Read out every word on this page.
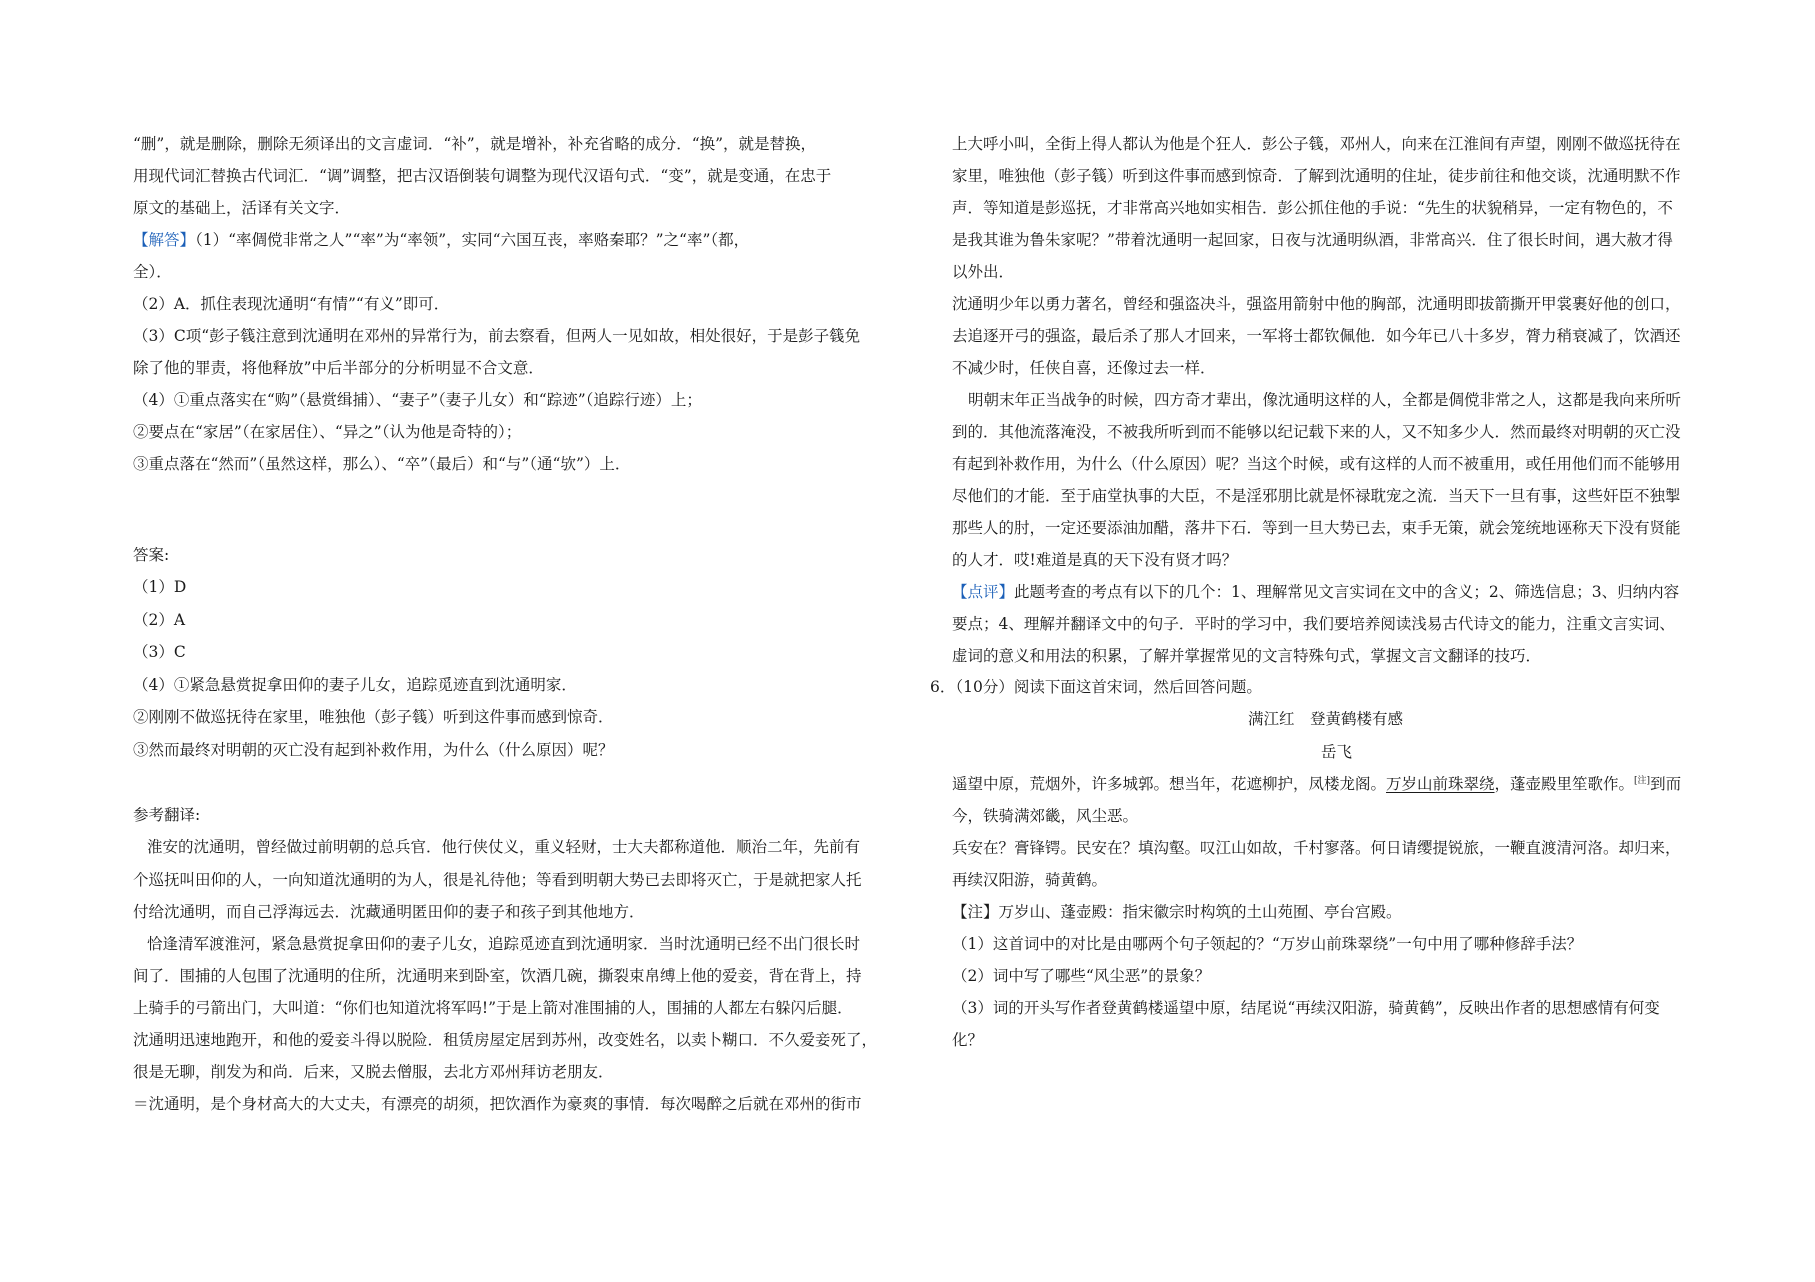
“删”，就是删除，删除无须译出的文言虚词．“补”，就是增补，补充省略的成分．“换”，就是替换，
用现代词汇替换古代词汇．“调”调整，把古汉语倒装句调整为现代汉语句式．“变”，就是变通，在忠于
原文的基础上，活译有关文字．
【解答】（1）“率倜傥非常之人”“率”为“率领”，实同“六国互丧，率赂秦耶？”之“率”（都，
全）．
（2）A．抓住表现沈通明“有情”“有义”即可．
（3）C项“彭子篯注意到沈通明在邓州的异常行为，前去察看，但两人一见如故，相处很好，于是彭子篯免
除了他的罪责，将他释放”中后半部分的分析明显不合文意．
（4）①重点落实在“购”（悬赏缉捕）、“妻子”（妻子儿女）和“踪迹”（追踪行迹）上；
②要点在“家居”（在家居住）、“异之”（认为他是奇特的）；
③重点落在“然而”（虽然这样，那么）、“卒”（最后）和“与”（通“欤”）上．
答案:
（1）D
（2）A
（3）C
（4）①紧急悬赏捉拿田仰的妻子儿女，追踪觅迹直到沈通明家．
②刚刚不做巡抚待在家里，唯独他（彭子篯）听到这件事而感到惊奇．
③然而最终对明朝的灭亡没有起到补救作用，为什么（什么原因）呢？
参考翻译:
淮安的沈通明，曾经做过前明朝的总兵官．他行侠仗义，重义轻财，士大夫都称道他．顺治二年，先前有
个巡抚叫田仰的人，一向知道沈通明的为人，很是礼待他；等看到明朝大势已去即将灭亡，于是就把家人托
付给沈通明，而自己浮海远去．沈藏通明匿田仰的妻子和孩子到其他地方．
恰逢清军渡淮河，紧急悬赏捉拿田仰的妻子儿女，追踪觅迹直到沈通明家．当时沈通明已经不出门很长时
间了．围捕的人包围了沈通明的住所，沈通明来到卧室，饮酒几碗，撕裂束帛缚上他的爱妾，背在背上，持
上骑手的弓箭出门，大叫道：“你们也知道沈将军吗!”于是上箭对准围捕的人，围捕的人都左右躲闪后腿．
沈通明迅速地跑开，和他的爱妾斗得以脱险．租赁房屋定居到苏州，改变姓名，以卖卜糊口．不久爱妾死了，
很是无聊，削发为和尚．后来，又脱去僧服，去北方邓州拜访老朋友．
＝沈通明，是个身材高大的大丈夫，有漂亮的胡须，把饮酒作为豪爽的事情．每次喝醉之后就在邓州的街市
上大呼小叫，全街上得人都认为他是个狂人．彭公子篯，邓州人，向来在江淮间有声望，刚刚不做巡抚待在
家里，唯独他（彭子篯）听到这件事而感到惊奇．了解到沈通明的住址，徒步前往和他交谈，沈通明默不作
声．等知道是彭巡抚，才非常高兴地如实相告．彭公抓住他的手说：“先生的状貌稍异，一定有物色的，不
是我其谁为鲁朱家呢？”带着沈通明一起回家，日夜与沈通明纵酒，非常高兴．住了很长时间，遇大赦才得
以外出．
沈通明少年以勇力著名，曾经和强盗决斗，强盗用箭射中他的胸部，沈通明即拔箭撕开甲裳裹好他的创口，
去追逐开弓的强盗，最后杀了那人才回来，一军将士都钦佩他．如今年已八十多岁，膂力稍衰减了，饮酒还
不减少时，任侠自喜，还像过去一样．
明朝末年正当战争的时候，四方奇才辈出，像沈通明这样的人，全都是倜傥非常之人，这都是我向来所听
到的．其他流落淹没，不被我所听到而不能够以纪记载下来的人，又不知多少人．然而最终对明朝的灭亡没
有起到补救作用，为什么（什么原因）呢？当这个时候，或有这样的人而不被重用，或任用他们而不能够用
尽他们的才能．至于庙堂执事的大臣，不是淫邪朋比就是怀禄耽宠之流．当天下一旦有事，这些奸臣不独掣
那些人的肘，一定还要添油加醋，落井下石．等到一旦大势已去，束手无策，就会笼统地诬称天下没有贤能
的人才．哎!难道是真的天下没有贤才吗？
【点评】此题考查的考点有以下的几个：1、理解常见文言实词在文中的含义；2、筛选信息；3、归纳内容
要点；4、理解并翻译文中的句子．平时的学习中，我们要培养阅读浅易古代诗文的能力，注重文言实词、
虚词的意义和用法的积累，了解并掌握常见的文言特殊句式，掌握文言文翻译的技巧．
6．（10分）阅读下面这首宋词，然后回答问题。
满江红　登黄鹤楼有感
岳飞
遥望中原，荒烟外，许多城郭。想当年，花遮柳护，凤楼龙阁。万岁山前珠翠绕，蓬壶殿里笙歌作。[注]到而
今，铁骑满郊畿，风尘恶。
兵安在？膏锋锷。民安在？填沟壑。叹江山如故，千村寥落。何日请缨提锐旅，一鞭直渡清河洛。却归来，
再续汉阳游，骑黄鹤。
【注】万岁山、蓬壶殿：指宋徽宗时构筑的土山苑囿、亭台宫殿。
（1）这首词中的对比是由哪两个句子领起的？“万岁山前珠翠绕”一句中用了哪种修辞手法？
（2）词中写了哪些“风尘恶”的景象？
（3）词的开头写作者登黄鹤楼遥望中原，结尾说“再续汉阳游，骑黄鹤”，反映出作者的思想感情有何变
化？
